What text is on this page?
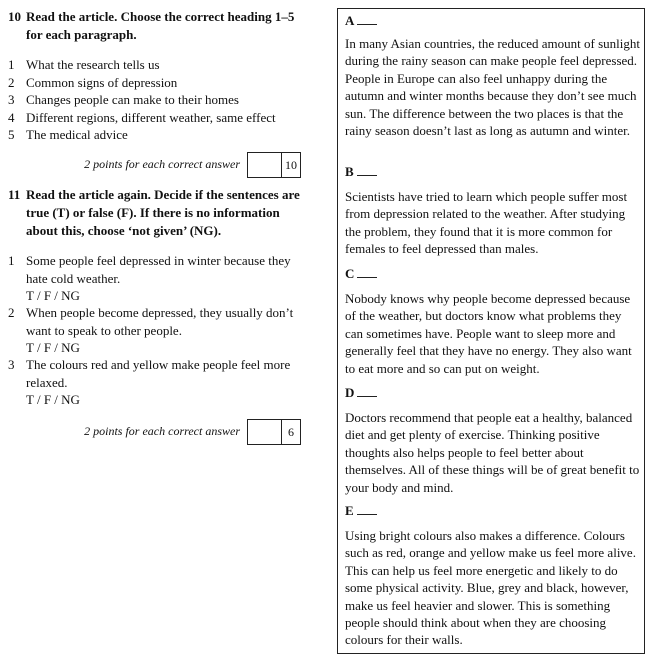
10 Read the article. Choose the correct heading 1–5 for each paragraph.
1 What the research tells us
2 Common signs of depression
3 Changes people can make to their homes
4 Different regions, different weather, same effect
5 The medical advice
2 points for each correct answer	10
11 Read the article again. Decide if the sentences are true (T) or false (F). If there is no information about this, choose ‘not given’ (NG).
1 Some people feel depressed in winter because they hate cold weather.
T / F / NG
2 When people become depressed, they usually don’t want to speak to other people.
T / F / NG
3 The colours red and yellow make people feel more relaxed.
T / F / NG
2 points for each correct answer	6
A
In many Asian countries, the reduced amount of sunlight during the rainy season can make people feel depressed. People in Europe can also feel unhappy during the autumn and winter months because they don’t see much sun. The difference between the two places is that the rainy season doesn’t last as long as autumn and winter.
B
Scientists have tried to learn which people suffer most from depression related to the weather. After studying the problem, they found that it is more common for females to feel depressed than males.
C
Nobody knows why people become depressed because of the weather, but doctors know what problems they can sometimes have. People want to sleep more and generally feel that they have no energy. They also want to eat more and so can put on weight.
D
Doctors recommend that people eat a healthy, balanced diet and get plenty of exercise. Thinking positive thoughts also helps people to feel better about themselves. All of these things will be of great benefit to your body and mind.
E
Using bright colours also makes a difference. Colours such as red, orange and yellow make us feel more alive. This can help us feel more energetic and likely to do some physical activity. Blue, grey and black, however, make us feel heavier and slower. This is something people should think about when they are choosing colours for their walls.
